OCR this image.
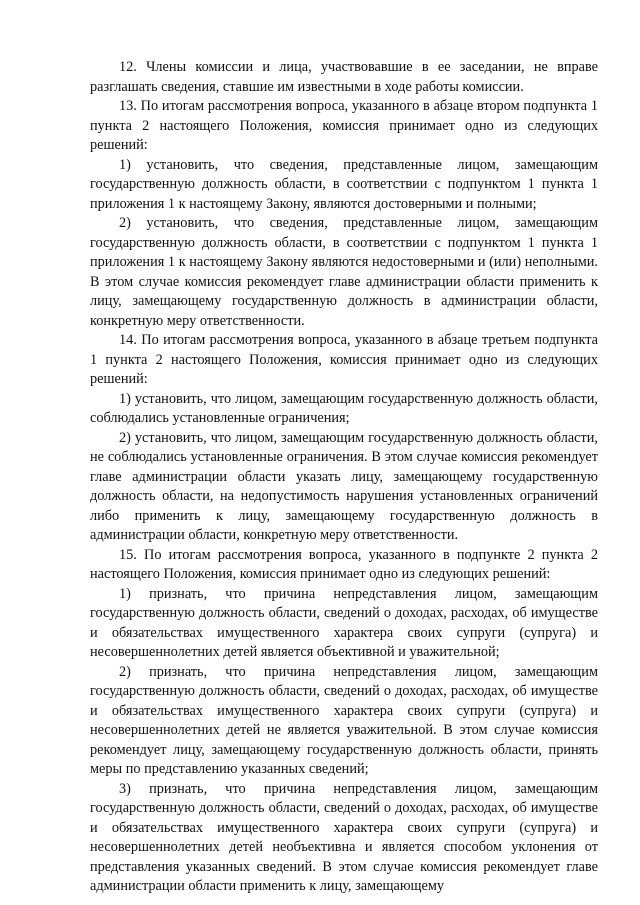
12. Члены комиссии и лица, участвовавшие в ее заседании, не вправе разглашать сведения, ставшие им известными в ходе работы комиссии.

13. По итогам рассмотрения вопроса, указанного в абзаце втором подпункта 1 пункта 2 настоящего Положения, комиссия принимает одно из следующих решений:

1) установить, что сведения, представленные лицом, замещающим государственную должность области, в соответствии с подпунктом 1 пункта 1 приложения 1 к настоящему Закону, являются достоверными и полными;

2) установить, что сведения, представленные лицом, замещающим государственную должность области, в соответствии с подпунктом 1 пункта 1 приложения 1 к настоящему Закону являются недостоверными и (или) неполными. В этом случае комиссия рекомендует главе администрации области применить к лицу, замещающему государственную должность в администрации области, конкретную меру ответственности.

14. По итогам рассмотрения вопроса, указанного в абзаце третьем подпункта 1 пункта 2 настоящего Положения, комиссия принимает одно из следующих решений:

1) установить, что лицом, замещающим государственную должность области, соблюдались установленные ограничения;

2) установить, что лицом, замещающим государственную должность области, не соблюдались установленные ограничения. В этом случае комиссия рекомендует главе администрации области указать лицу, замещающему государственную должность области, на недопустимость нарушения установленных ограничений либо применить к лицу, замещающему государственную должность в администрации области, конкретную меру ответственности.

15. По итогам рассмотрения вопроса, указанного в подпункте 2 пункта 2 настоящего Положения, комиссия принимает одно из следующих решений:

1) признать, что причина непредставления лицом, замещающим государственную должность области, сведений о доходах, расходах, об имуществе и обязательствах имущественного характера своих супруги (супруга) и несовершеннолетних детей является объективной и уважительной;

2) признать, что причина непредставления лицом, замещающим государственную должность области, сведений о доходах, расходах, об имуществе и обязательствах имущественного характера своих супруги (супруга) и несовершеннолетних детей не является уважительной. В этом случае комиссия рекомендует лицу, замещающему государственную должность области, принять меры по представлению указанных сведений;

3) признать, что причина непредставления лицом, замещающим государственную должность области, сведений о доходах, расходах, об имуществе и обязательствах имущественного характера своих супруги (супруга) и несовершеннолетних детей необъективна и является способом уклонения от представления указанных сведений. В этом случае комиссия рекомендует главе администрации области применить к лицу, замещающему
